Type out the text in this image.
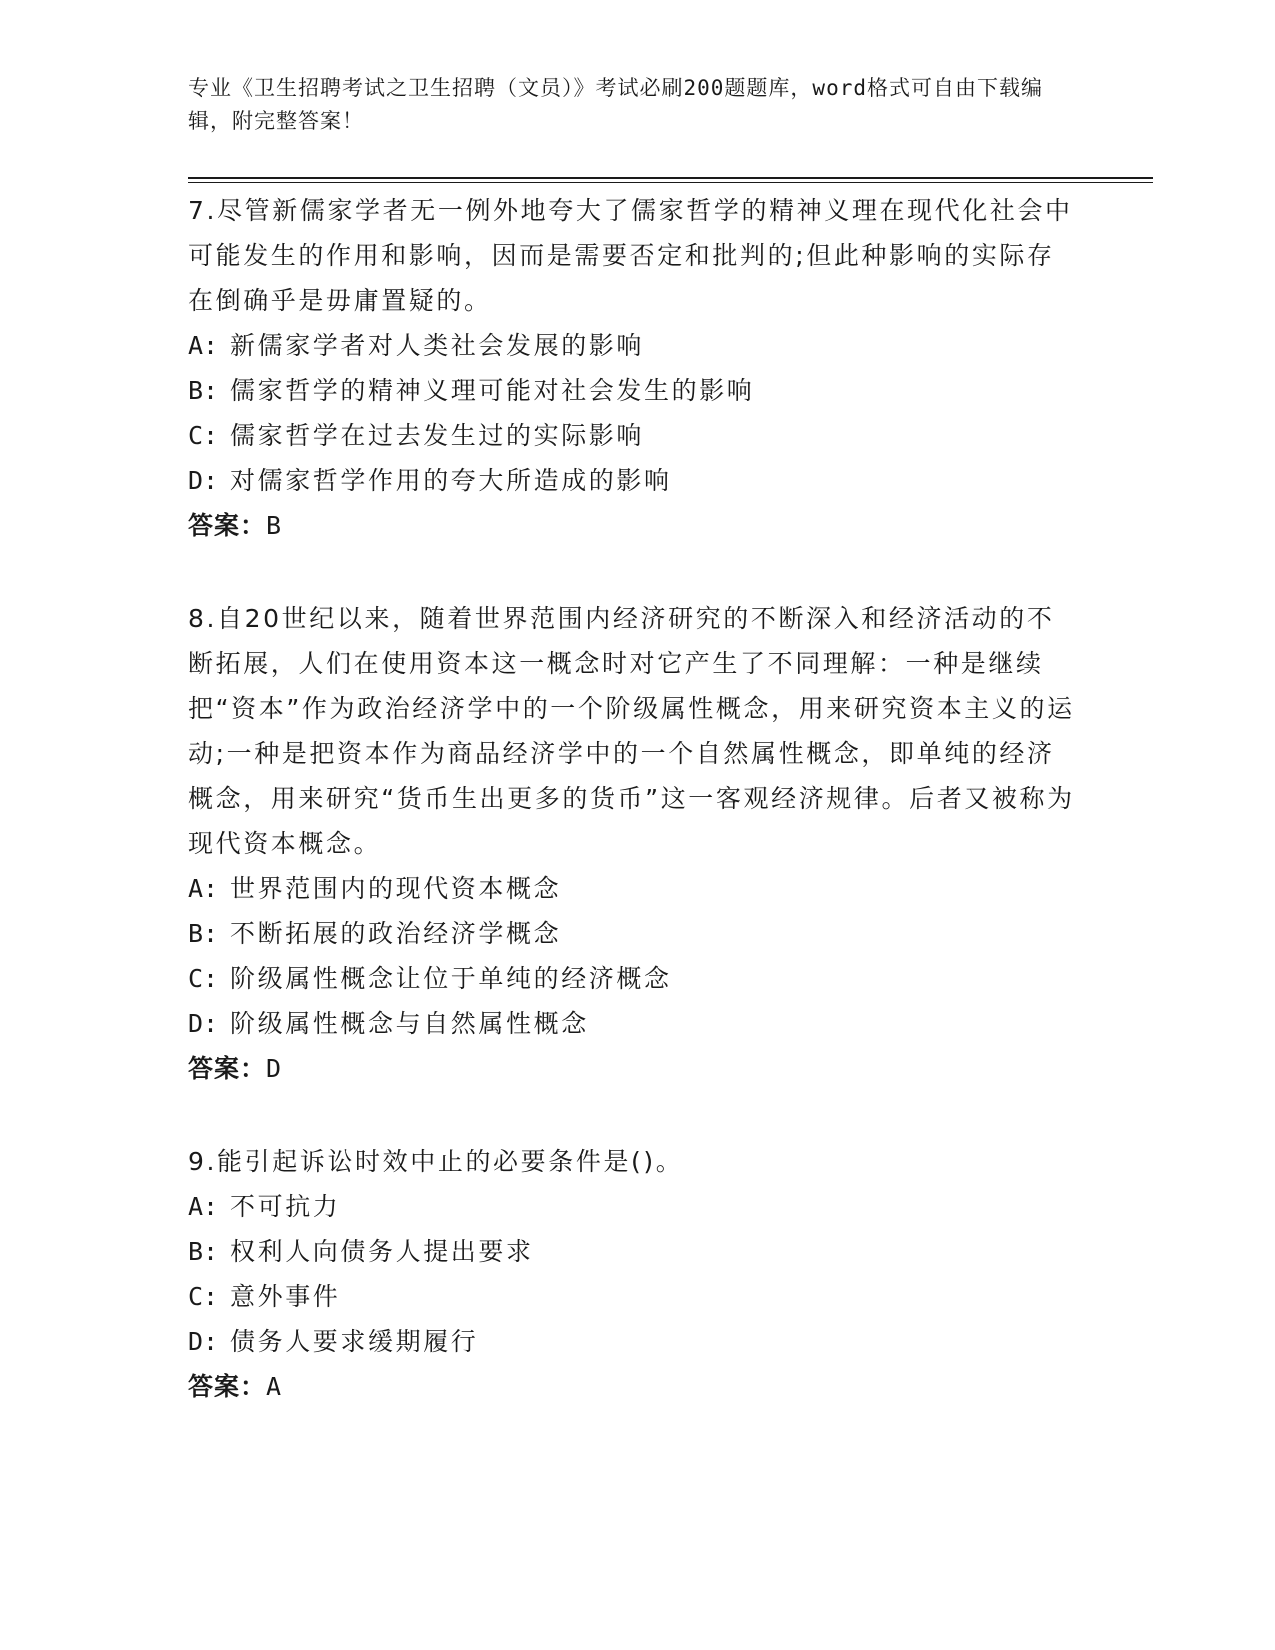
专业《卫生招聘考试之卫生招聘（文员）》考试必刷200题题库，word格式可自由下载编辑，附完整答案！

7.尽管新儒家学者无一例外地夸大了儒家哲学的精神义理在现代化社会中可能发生的作用和影响，因而是需要否定和批判的;但此种影响的实际存在倒确乎是毋庸置疑的。

A: 新儒家学者对人类社会发展的影响

B: 儒家哲学的精神义理可能对社会发生的影响

C: 儒家哲学在过去发生过的实际影响

D: 对儒家哲学作用的夸大所造成的影响

答案：B

8.自20世纪以来，随着世界范围内经济研究的不断深入和经济活动的不断拓展，人们在使用资本这一概念时对它产生了不同理解：一种是继续把“资本”作为政治经济学中的一个阶级属性概念，用来研究资本主义的运动;一种是把资本作为商品经济学中的一个自然属性概念，即单纯的经济概念，用来研究“货币生出更多的货币”这一客观经济规律。后者又被称为现代资本概念。

A: 世界范围内的现代资本概念

B: 不断拓展的政治经济学概念

C: 阶级属性概念让位于单纯的经济概念

D: 阶级属性概念与自然属性概念

答案：D

9.能引起诉讼时效中止的必要条件是()。

A: 不可抗力

B: 权利人向债务人提出要求

C: 意外事件

D: 债务人要求缓期履行

答案：A
